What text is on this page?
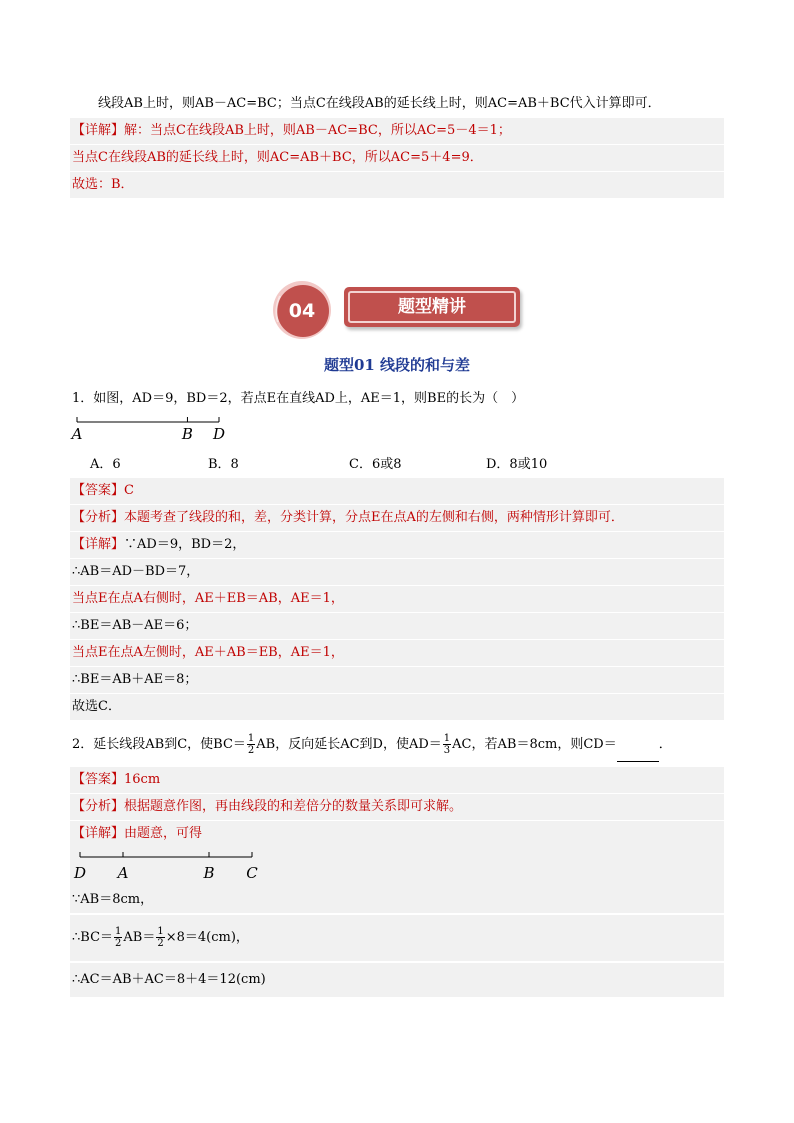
线段AB上时，则AB－AC=BC；当点C在线段AB的延长线上时，则AC=AB＋BC代入计算即可．
【详解】解：当点C在线段AB上时，则AB－AC=BC，所以AC=5－4＝1；
当点C在线段AB的延长线上时，则AC=AB＋BC，所以AC=5＋4=9．
故选：B．
题型精讲
04
题型01 线段的和与差
1．如图，AD＝9，BD＝2，若点E在直线AD上，AE＝1，则BE的长为（　）
A	B D
A．6	B．8	C．6或8	D．8或10
【答案】C
【分析】本题考查了线段的和，差，分类计算，分点E在点A的左侧和右侧，两种情形计算即可．
【详解】∵AD＝9，BD＝2，
∴AB＝AD－BD＝7，
当点E在点A右侧时，AE＋EB＝AB，AE＝1，
∴BE＝AB－AE＝6；
当点E在点A左侧时，AE＋AB＝EB，AE＝1，
∴BE＝AB＋AE＝8；
故选C．
2．延长线段AB到C，使$BC= \frac{1}{2}$ AB，反向延长AC到D，使$AD= \frac{1}{3}$ AC，若AB＝8cm，则CD＝	．
【答案】16cm
【分析】根据题意作图，再由线段的和差倍分的数量关系即可求解。
【详解】由题意，可得
D A	B C
∵AB＝8cm，
∴BC＝ $\frac{1}{2} AB= \frac{1}{2} \times 8=4(cm)$，
∴AC＝AB＋AC＝8＋4＝12(cm)
